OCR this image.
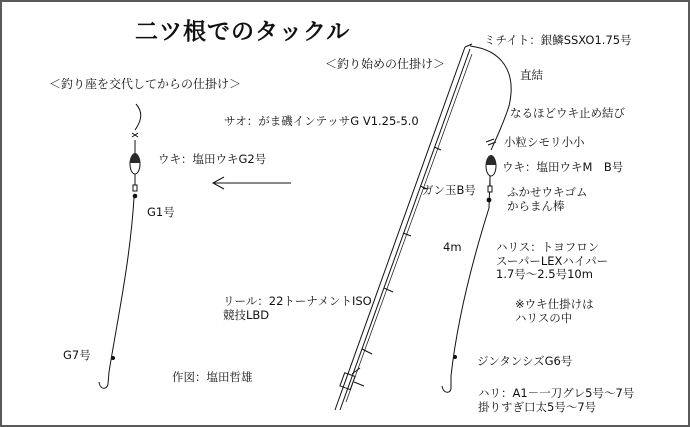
二ツ根でのタックル
＜釣り座を交代してからの仕掛け＞
ウキ：塩田ウキG2号
G1号
G7号
作図：塩田哲雄
サオ：がま磯インテッサG V1.25-5.0
リール：22トーナメントISO
競技LBD
＜釣り始めの仕掛け＞
ミチイト：銀鱗SSXO1.75号
直結
なるほどウキ止め結び
小粒シモリ小小
ウキ：塩田ウキM　B号
ふかせウキゴム
からまん棒
ガン玉B号
4m	ハリス：トヨフロン
スーパーLEXハイパー
1.7号～2.5号10m
※ウキ仕掛けは
ハリスの中
ジンタンシズG6号
ハリ：A1－一刀グレ5号～7号
掛りすぎ口太5号～7号
